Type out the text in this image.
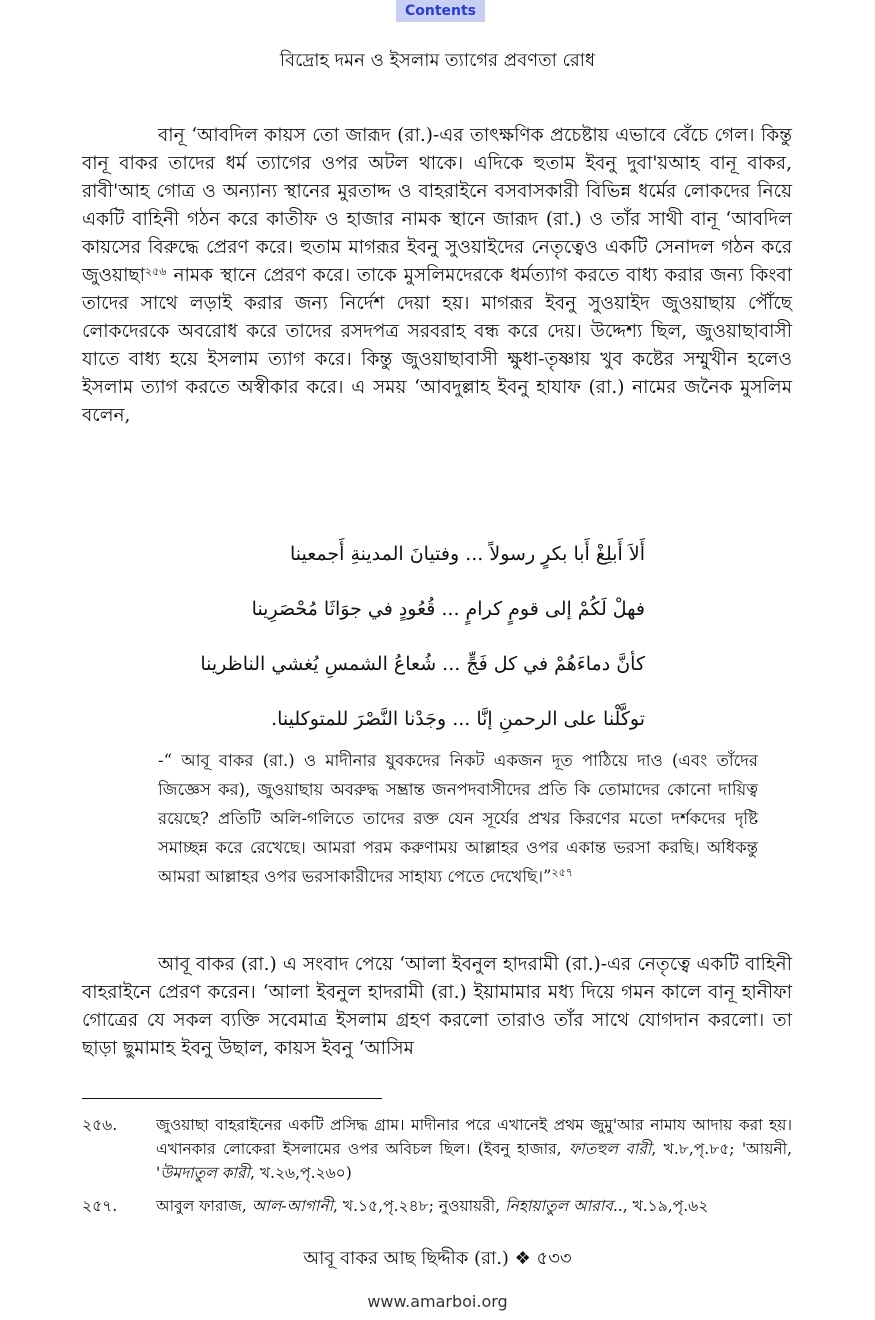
Contents
বিদ্রোহ দমন ও ইসলাম ত্যাগের প্রবণতা রোধ

বানূ ‘আবদিল কায়স তো জারূদ (রা.)-এর তাৎক্ষণিক প্রচেষ্টায় এভাবে বেঁচে গেল। কিন্তু বানূ বাকর তাদের ধর্ম ত্যাগের ওপর অটল থাকে। এদিকে হুতাম ইবনু দুবা'য়আহ বানূ বাকর, রাবী'আহ গোত্র ও অন্যান্য স্থানের মুরতাদ্দ ও বাহরাইনে বসবাসকারী বিভিন্ন ধর্মের লোকদের নিয়ে একটি বাহিনী গঠন করে কাতীফ ও হাজার নামক স্থানে জারূদ (রা.) ও তাঁর সাথী বানূ ‘আবদিল কায়সের বিরুদ্ধে প্রেরণ করে। হুতাম মাগরূর ইবনু সুওয়াইদের নেতৃত্বেও একটি সেনাদল গঠন করে জুওয়াছা$^{২৫৬}$ নামক স্থানে প্রেরণ করে। তাকে মুসলিমদেরকে ধর্মত্যাগ করতে বাধ্য করার জন্য কিংবা তাদের সাথে লড়াই করার জন্য নির্দেশ দেয়া হয়। মাগরূর ইবনু সুওয়াইদ জুওয়াছায় পৌঁছে লোকদেরকে অবরোধ করে তাদের রসদপত্র সরবরাহ বন্ধ করে দেয়। উদ্দেশ্য ছিল, জুওয়াছাবাসী যাতে বাধ্য হয়ে ইসলাম ত্যাগ করে। কিন্তু জুওয়াছাবাসী ক্ষুধা-তৃষ্ণায় খুব কষ্টের সম্মুখীন হলেও ইসলাম ত্যাগ করতে অস্বীকার করে। এ সময় ‘আবদুল্লাহ ইবনু হাযাফ (রা.) নামের জনৈক মুসলিম বলেন,

أَلاَ أَبلِغْ أَبا بكرٍ رسولاً ... وفتيانَ المدينةِ أَجمعينا
فهلْ لَكُمْ إلى قومٍ كرامٍ ... قُعُودٍ في جوَاثَا مُحْصَرِينا
كأنَّ دماءَهُمْ في كل فَجٍّ ... شُعاعُ الشمسِ يُغشي الناظرينا
توكَّلْنا على الرحمنِ إنَّا ... وجَدْنا النَّصْرَ للمتوكلينا.

-“ আবূ বাকর (রা.) ও মাদীনার যুবকদের নিকট একজন দূত পাঠিয়ে দাও (এবং তাঁদের জিজ্ঞেস কর), জুওয়াছায় অবরুদ্ধ সম্ভ্রান্ত জনপদবাসীদের প্রতি কি তোমাদের কোনো দায়িত্ব রয়েছে? প্রতিটি অলি-গলিতে তাদের রক্ত যেন সূর্যের প্রখর কিরণের মতো দর্শকদের দৃষ্টি সমাচ্ছন্ন করে রেখেছে। আমরা পরম করুণাময় আল্লাহর ওপর একান্ত ভরসা করছি। অধিকন্তু আমরা আল্লাহর ওপর ভরসাকারীদের সাহায্য পেতে দেখেছি।”$^{২৫৭}$

আবূ বাকর (রা.) এ সংবাদ পেয়ে ‘আলা ইবনুল হাদরামী (রা.)-এর নেতৃত্বে একটি বাহিনী বাহরাইনে প্রেরণ করেন। ‘আলা ইবনুল হাদরামী (রা.) ইয়ামামার মধ্য দিয়ে গমন কালে বানূ হানীফা গোত্রের যে সকল ব্যক্তি সবেমাত্র ইসলাম গ্রহণ করলো তারাও তাঁর সাথে যোগদান করলো। তা ছাড়া ছুমামাহ ইবনু উছাল, কায়স ইবনু ‘আসিম

২৫৬.	জুওয়াছা বাহরাইনের একটি প্রসিদ্ধ গ্রাম। মাদীনার পরে এখানেই প্রথম জুমু'আর নামায আদায় করা হয়। এখানকার লোকেরা ইসলামের ওপর অবিচল ছিল। (ইবনু হাজার, ফাতহুল বারী, খ.৮,পৃ.৮৫; 'আয়নী, 'উমদাতুল কারী, খ.২৬,পৃ.২৬০)
২৫৭.	আবুল ফারাজ, আল-আগানী, খ.১৫,পৃ.২৪৮; নুওয়ায়রী, নিহায়াতুল আরাব.., খ.১৯,পৃ.৬২
আবূ বাকর আছ ছিদ্দীক (রা.) ❖ ৫৩৩
www.amarboi.org
